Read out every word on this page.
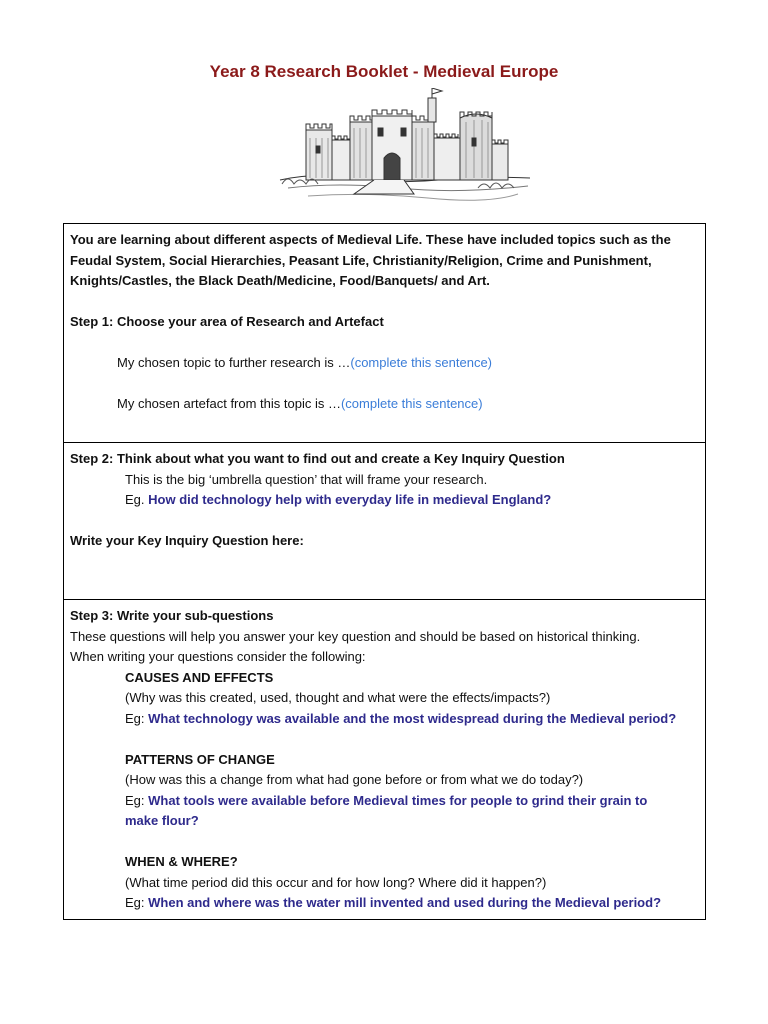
Year 8 Research Booklet - Medieval Europe
You are learning about different aspects of Medieval Life. These have included topics such as the
Feudal System, Social Hierarchies, Peasant Life, Christianity/Religion, Crime and Punishment,
Knights/Castles, the Black Death/Medicine, Food/Banquets/ and Art.
Step 1: Choose your area of Research and Artefact
My chosen topic to further research is …(complete this sentence)
My chosen artefact from this topic is …(complete this sentence)
Step 2: Think about what you want to find out and create a Key Inquiry Question
This is the big ‘umbrella question’ that will frame your research.
Eg. How did technology help with everyday life in medieval England?
Write your Key Inquiry Question here:
Step 3: Write your sub-questions
These questions will help you answer your key question and should be based on historical thinking.
When writing your questions consider the following:
CAUSES AND EFFECTS
(Why was this created, used, thought and what were the effects/impacts?)
Eg: What technology was available and the most widespread during the Medieval period?
PATTERNS OF CHANGE
(How was this a change from what had gone before or from what we do today?)
Eg: What tools were available before Medieval times for people to grind their grain to
make flour?
WHEN & WHERE?
(What time period did this occur and for how long? Where did it happen?)
Eg: When and where was the water mill invented and used during the Medieval period?
